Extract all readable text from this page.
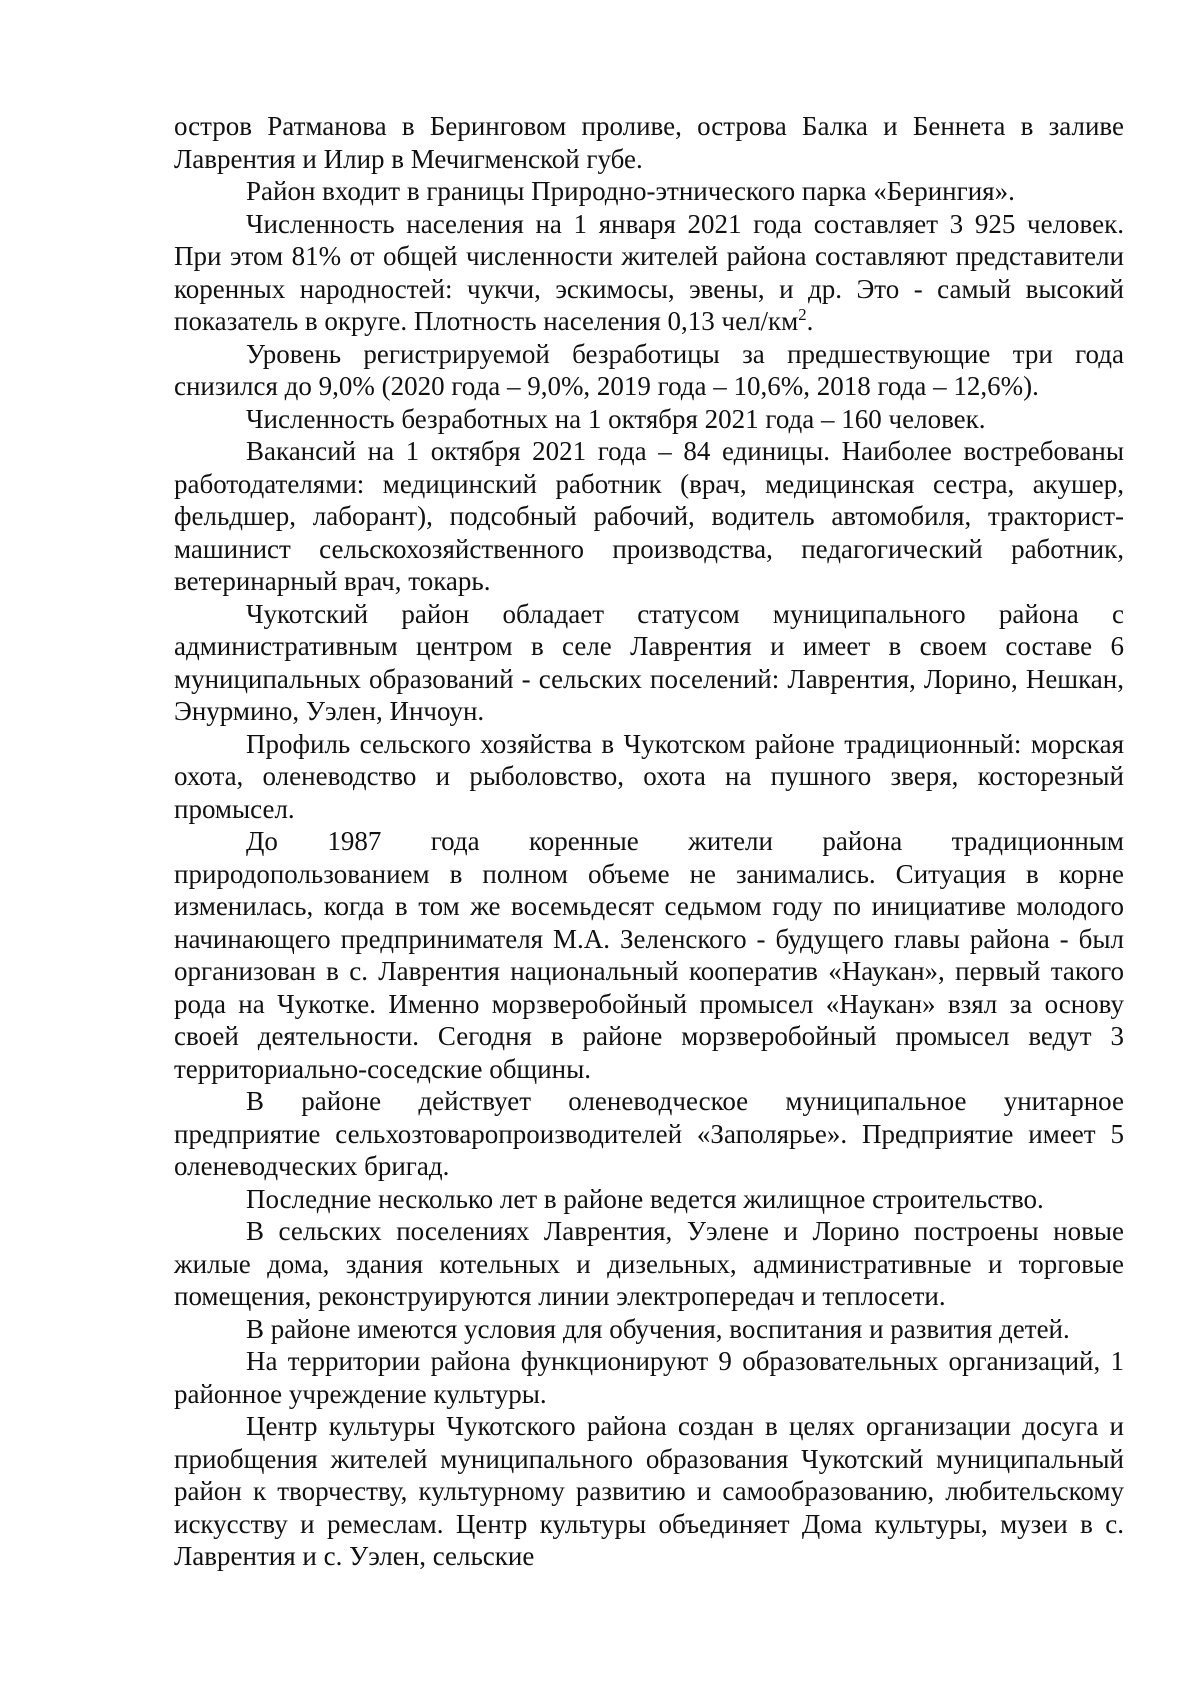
остров Ратманова в Беринговом проливе, острова Балка и Беннета в заливе Лаврентия и Илир в Мечигменской губе.

Район входит в границы Природно-этнического парка «Берингия».

Численность населения на 1 января 2021 года составляет 3 925 человек. При этом 81% от общей численности жителей района составляют представители коренных народностей: чукчи, эскимосы, эвены, и др. Это - самый высокий показатель в округе. Плотность населения 0,13 чел/$км^2$.

Уровень регистрируемой безработицы за предшествующие три года снизился до 9,0% (2020 года – 9,0%, 2019 года – 10,6%, 2018 года – 12,6%).

Численность безработных на 1 октября 2021 года – 160 человек.

Вакансий на 1 октября 2021 года – 84 единицы. Наиболее востребованы работодателями: медицинский работник (врач, медицинская сестра, акушер, фельдшер, лаборант), подсобный рабочий, водитель автомобиля, тракторист-машинист сельскохозяйственного производства, педагогический работник, ветеринарный врач, токарь.

Чукотский район обладает статусом муниципального района с административным центром в селе Лаврентия и имеет в своем составе 6 муниципальных образований - сельских поселений: Лаврентия, Лорино, Нешкан, Энурмино, Уэлен, Инчоун.

Профиль сельского хозяйства в Чукотском районе традиционный: морская охота, оленеводство и рыболовство, охота на пушного зверя, косторезный промысел.

До 1987 года коренные жители района традиционным природопользованием в полном объеме не занимались. Ситуация в корне изменилась, когда в том же восемьдесят седьмом году по инициативе молодого начинающего предпринимателя М.А. Зеленского - будущего главы района - был организован в с. Лаврентия национальный кооператив «Наукан», первый такого рода на Чукотке. Именно морзверобойный промысел «Наукан» взял за основу своей деятельности. Сегодня в районе морзверобойный промысел ведут 3 территориально-соседские общины.

В районе действует оленеводческое муниципальное унитарное предприятие сельхозтоваропроизводителей «Заполярье». Предприятие имеет 5 оленеводческих бригад.

Последние несколько лет в районе ведется жилищное строительство.

В сельских поселениях Лаврентия, Уэлене и Лорино построены новые жилые дома, здания котельных и дизельных, административные и торговые помещения, реконструируются линии электропередач и теплосети.

В районе имеются условия для обучения, воспитания и развития детей.

На территории района функционируют 9 образовательных организаций, 1 районное учреждение культуры.

Центр культуры Чукотского района создан в целях организации досуга и приобщения жителей муниципального образования Чукотский муниципальный район к творчеству, культурному развитию и самообразованию, любительскому искусству и ремеслам. Центр культуры объединяет Дома культуры, музеи в с. Лаврентия и с. Уэлен, сельские
